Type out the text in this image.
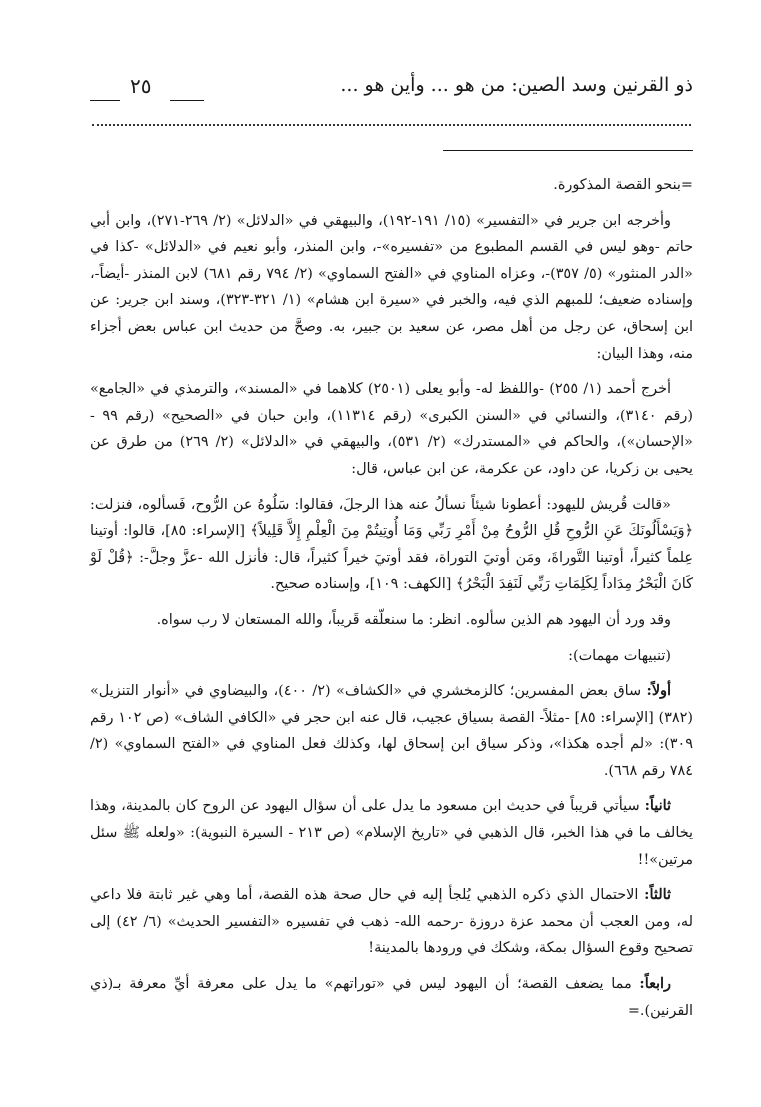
٢٥	ذو القرنين وسد الصين: من هو ... وأين هو ...

=بنحو القصة المذكورة.

وأخرجه ابن جرير في «التفسير» (١٥/ ١٩١-١٩٢)، والبيهقي في «الدلائل» (٢/ ٢٦٩-٢٧١)، وابن أبي حاتم -وهو ليس في القسم المطبوع من «تفسيره»-، وابن المنذر، وأبو نعيم في «الدلائل» -كذا في «الدر المنثور» (٥/ ٣٥٧)-، وعزاه المناوي في «الفتح السماوي» (٢/ ٧٩٤ رقم ٦٨١) لابن المنذر -أيضاً-، وإسناده ضعيف؛ للمبهم الذي فيه، والخبر في «سيرة ابن هشام» (١/ ٣٢١-٣٢٣)، وسند ابن جرير: عن ابن إسحاق، عن رجل من أهل مصر، عن سعيد بن جبير، به. وصحَّ من حديث ابن عباس بعض أجزاء منه، وهذا البيان:

أخرج أحمد (١/ ٢٥٥) -واللفظ له- وأبو يعلى (٢٥٠١) كلاهما في «المسند»، والترمذي في «الجامع» (رقم ٣١٤٠)، والنسائي في «السنن الكبرى» (رقم ١١٣١٤)، وابن حبان في «الصحيح» (رقم ٩٩ - «الإحسان»)، والحاكم في «المستدرك» (٢/ ٥٣١)، والبيهقي في «الدلائل» (٢/ ٢٦٩) من طرق عن يحيى بن زكريا، عن داود، عن عكرمة، عن ابن عباس، قال:

«قالت قُريش لليهود: أعطونا شيئاً نسألُ عنه هذا الرجلَ، فقالوا: سَلُوهُ عن الرُّوح، فَسألوه، فنزلت: ﴿وَيَسْأَلُونَكَ عَنِ الرُّوحِ قُلِ الرُّوحُ مِنْ أَمْرِ رَبِّي وَمَا أُوتِيتُمْ مِنَ الْعِلْمِ إِلاَّ قَلِيلاً﴾ [الإسراء: ٨٥]، قالوا: أوتينا عِلماً كثيراً، أوتينا التَّوراةَ، ومَن أوتيَ التوراة، فقد أوتيَ خيراً كثيراً، قال: فأنزل الله -عزَّ وجلَّ-: ﴿قُلْ لَوْ كَانَ الْبَحْرُ مِدَاداً لِكَلِمَاتِ رَبِّي لَنَفِدَ الْبَحْرُ﴾ [الكهف: ١٠٩]، وإسناده صحيح.

وقد ورد أن اليهود هم الذين سألوه. انظر: ما سنعلّقه قَريباً، والله المستعان لا رب سواه.

(تنبيهات مهمات):

أولاً: ساق بعض المفسرين؛ كالزمخشري في «الكشاف» (٢/ ٤٠٠)، والبيضاوي في «أنوار التنزيل» (٣٨٢) [الإسراء: ٨٥] -مثلاً- القصة بسياق عجيب، قال عنه ابن حجر في «الكافي الشاف» (ص ١٠٢ رقم ٣٠٩): «لم أجده هكذا»، وذكر سياق ابن إسحاق لها، وكذلك فعل المناوي في «الفتح السماوي» (٢/ ٧٨٤ رقم ٦٦٨).

ثانياً: سيأتي قريباً في حديث ابن مسعود ما يدل على أن سؤال اليهود عن الروح كان بالمدينة، وهذا يخالف ما في هذا الخبر، قال الذهبي في «تاريخ الإسلام» (ص ٢١٣ - السيرة النبوية): «ولعله ﷺ سئل مرتين»!!

ثالثاً: الاحتمال الذي ذكره الذهبي يُلجأ إليه في حال صحة هذه القصة، أما وهي غير ثابتة فلا داعي له، ومن العجب أن محمد عزة دروزة -رحمه الله- ذهب في تفسيره «التفسير الحديث» (٦/ ٤٢) إلى تصحيح وقوع السؤال بمكة، وشكك في ورودها بالمدينة!

رابعاً: مما يضعف القصة؛ أن اليهود ليس في «توراتهم» ما يدل على معرفة أيِّ معرفة بـ(ذي القرنين).=
